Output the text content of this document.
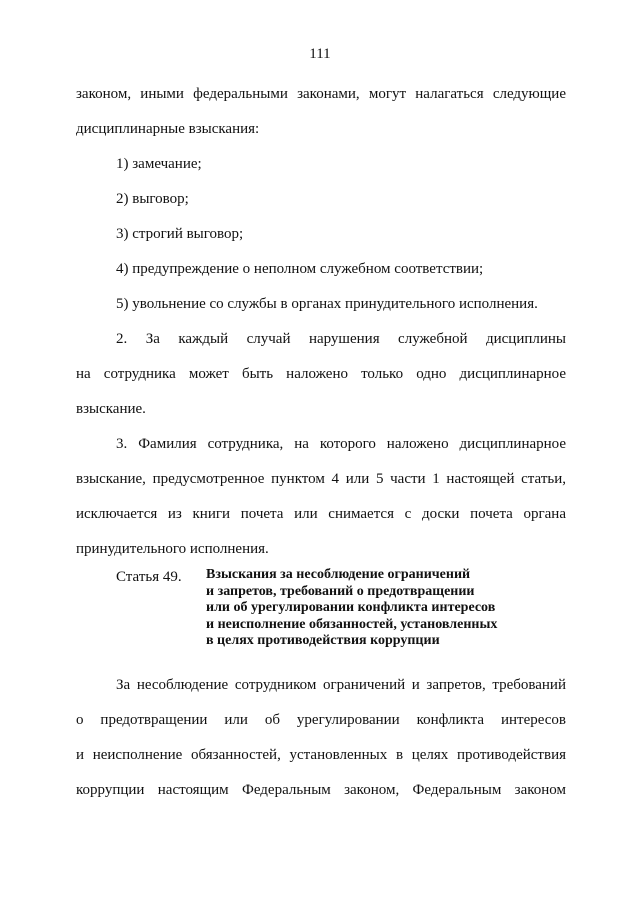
111
законом, иными федеральными законами, могут налагаться следующие
дисциплинарные взыскания:
1) замечание;
2) выговор;
3) строгий выговор;
4) предупреждение о неполном служебном соответствии;
5) увольнение со службы в органах принудительного исполнения.
2. За каждый случай нарушения служебной дисциплины
на сотрудника может быть наложено только одно дисциплинарное
взыскание.
3. Фамилия сотрудника, на которого наложено дисциплинарное
взыскание, предусмотренное пунктом 4 или 5 части 1 настоящей статьи,
исключается из книги почета или снимается с доски почета органа
принудительного исполнения.
Статья 49. Взыскания за несоблюдение ограничений
и запретов, требований о предотвращении
или об урегулировании конфликта интересов
и неисполнение обязанностей, установленных
в целях противодействия коррупции
За несоблюдение сотрудником ограничений и запретов, требований
о предотвращении или об урегулировании конфликта интересов
и неисполнение обязанностей, установленных в целях противодействия
коррупции настоящим Федеральным законом, Федеральным законом
